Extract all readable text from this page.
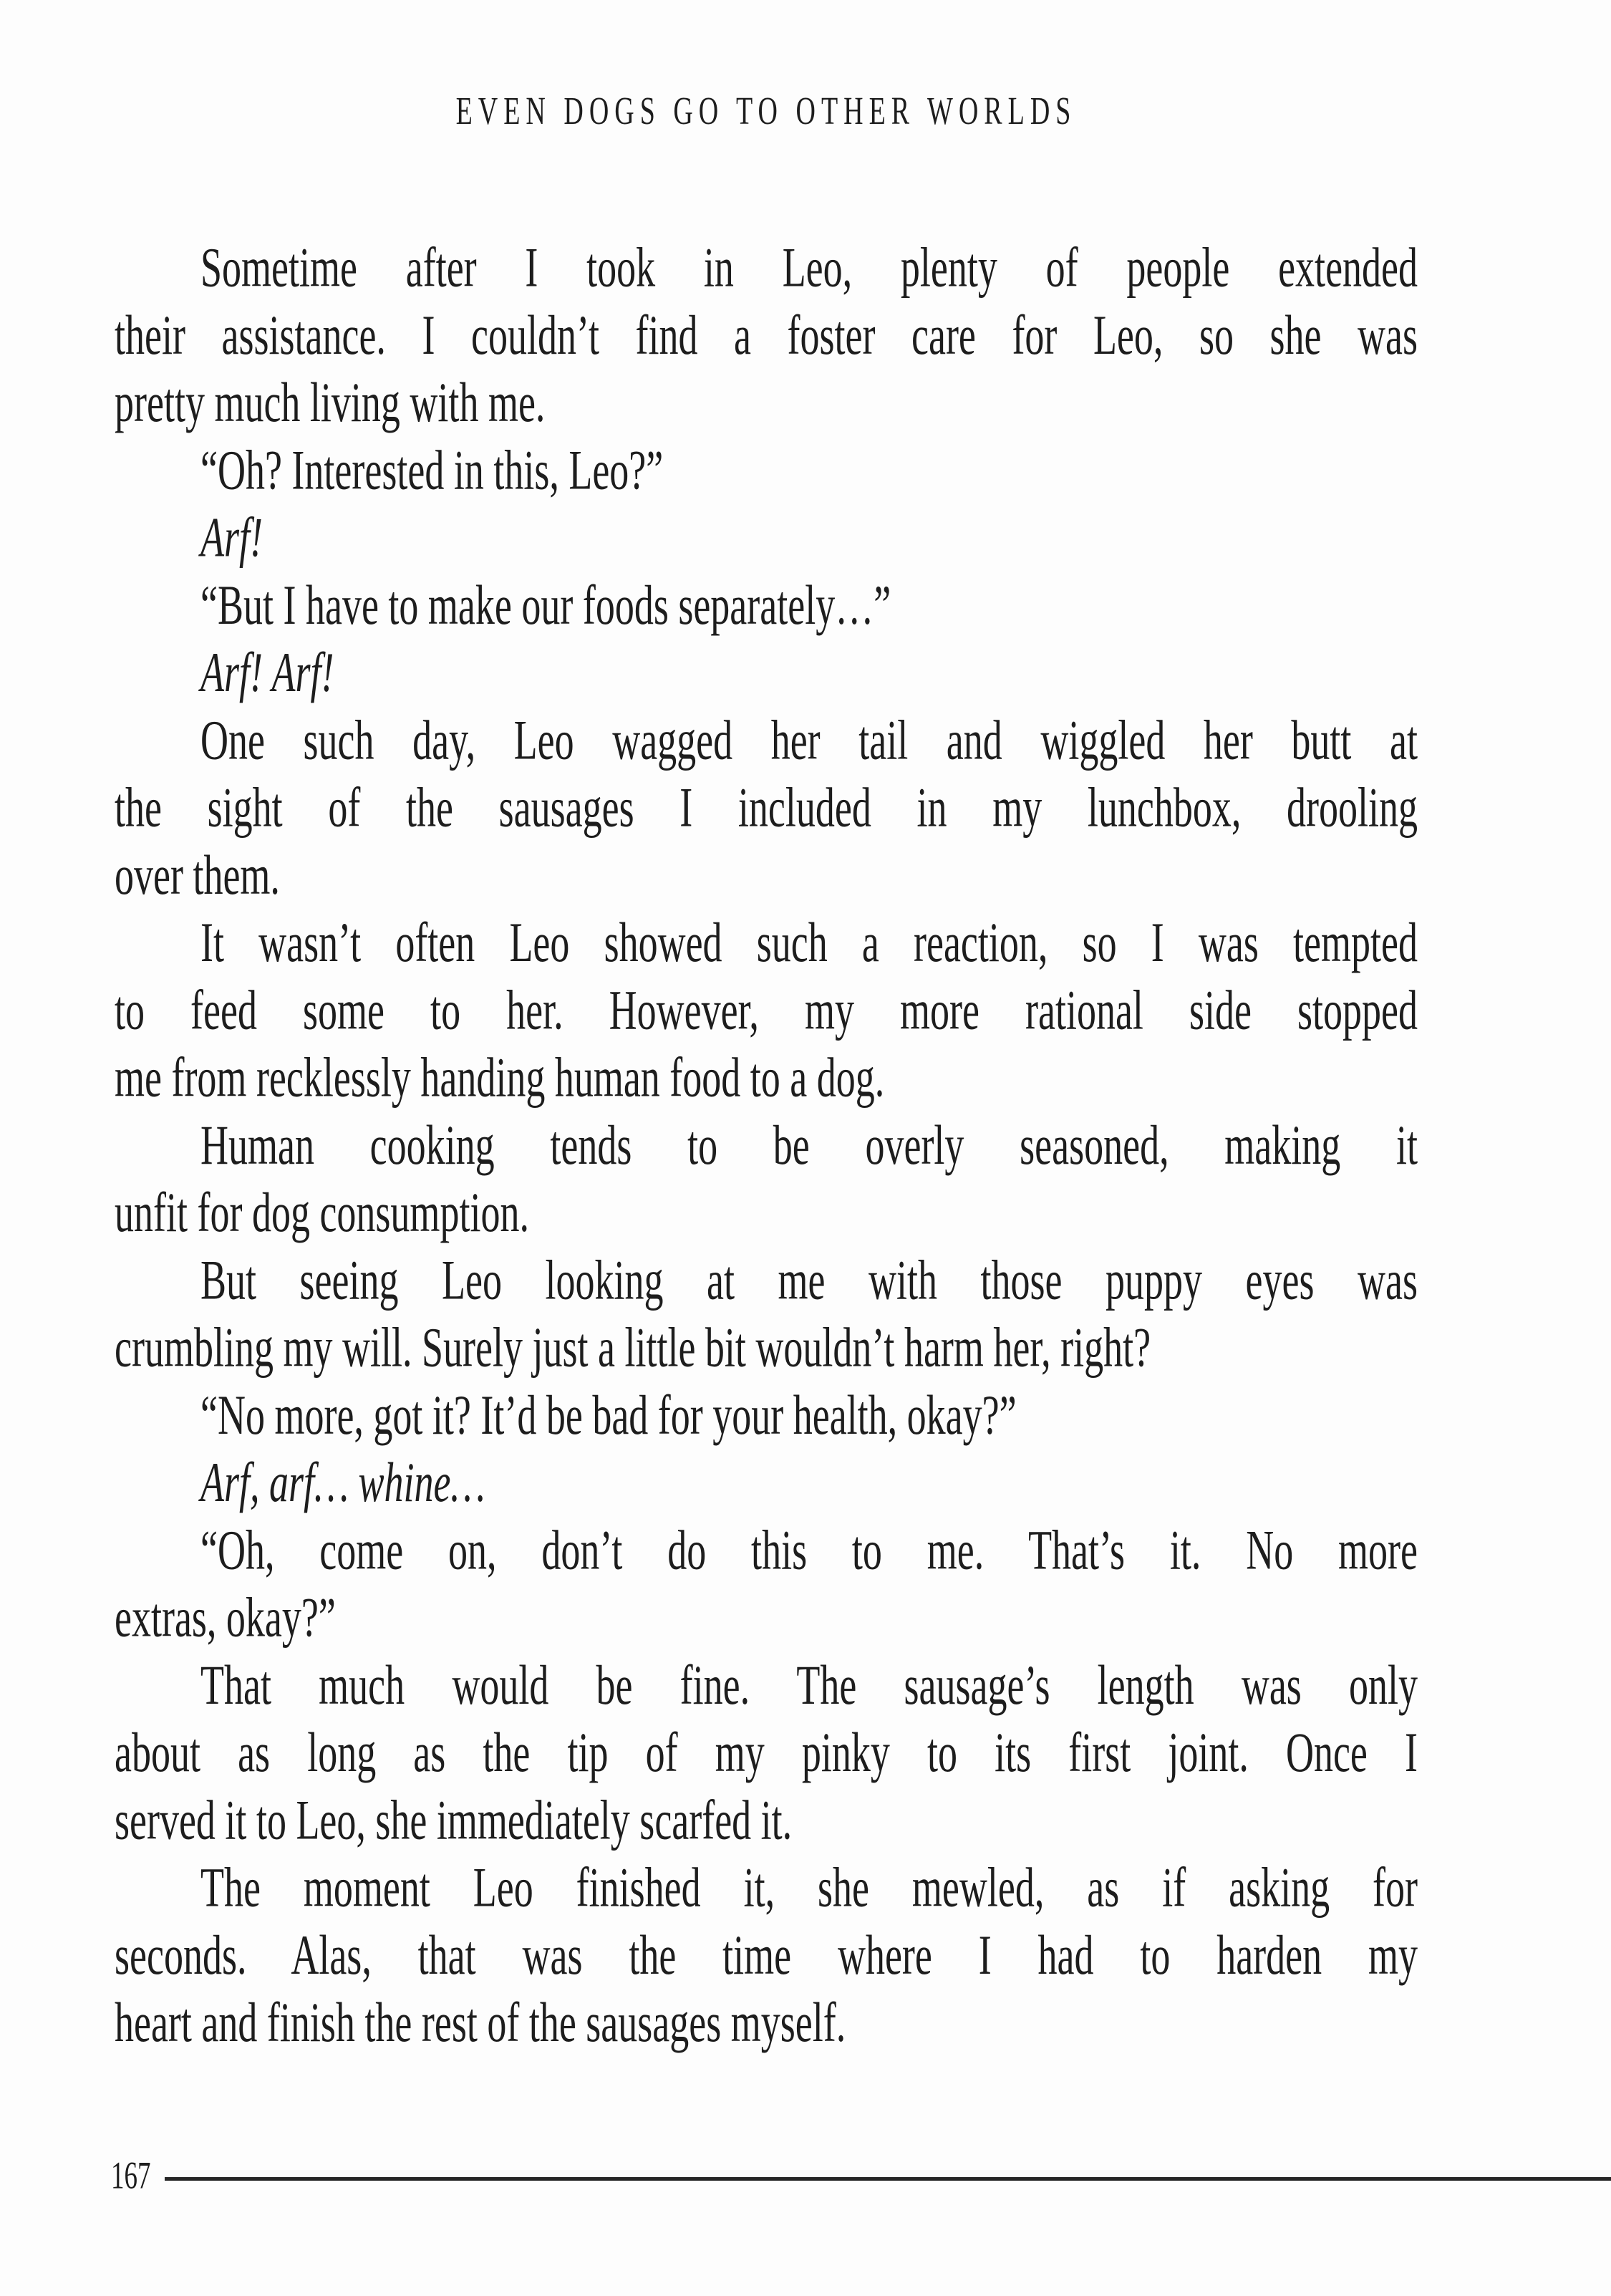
EVEN DOGS GO TO OTHER WORLDS

Sometime after I took in Leo, plenty of people extended
their assistance. I couldn’t find a foster care for Leo, so she was
pretty much living with me.

“Oh? Interested in this, Leo?”

Arf!

“But I have to make our foods separately…”

Arf! Arf!

One such day, Leo wagged her tail and wiggled her butt at
the sight of the sausages I included in my lunchbox, drooling
over them.

It wasn’t often Leo showed such a reaction, so I was tempted
to feed some to her. However, my more rational side stopped
me from recklessly handing human food to a dog.

Human cooking tends to be overly seasoned, making it
unfit for dog consumption.

But seeing Leo looking at me with those puppy eyes was
crumbling my will. Surely just a little bit wouldn’t harm her, right?

“No more, got it? It’d be bad for your health, okay?”

Arf, arf… whine…

“Oh, come on, don’t do this to me. That’s it. No more
extras, okay?”

That much would be fine. The sausage’s length was only
about as long as the tip of my pinky to its first joint. Once I
served it to Leo, she immediately scarfed it.

The moment Leo finished it, she mewled, as if asking for
seconds. Alas, that was the time where I had to harden my
heart and finish the rest of the sausages myself.

167
